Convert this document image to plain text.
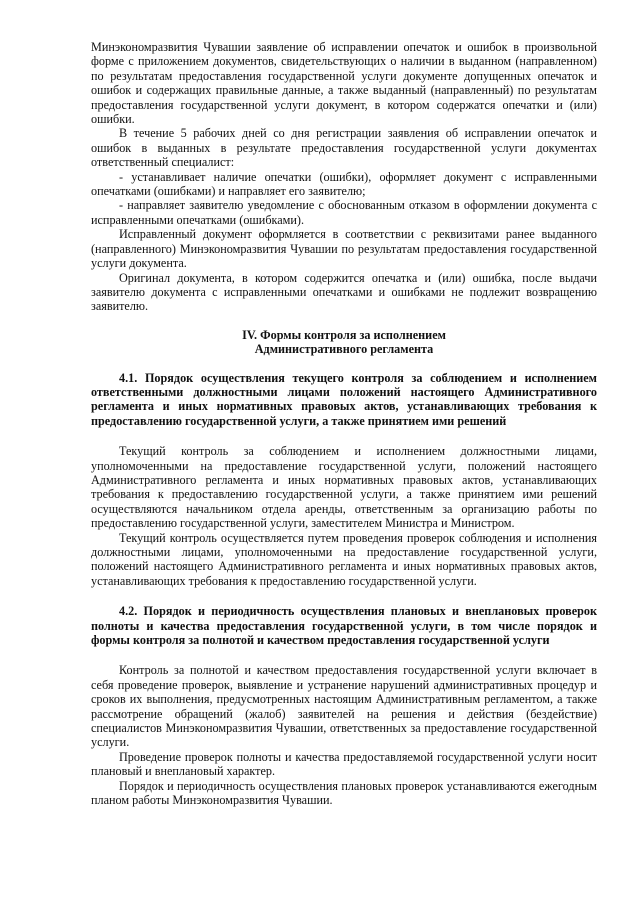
Минэкономразвития Чувашии заявление об исправлении опечаток и ошибок в произвольной форме с приложением документов, свидетельствующих о наличии в выданном (направленном) по результатам предоставления государственной услуги документе допущенных опечаток и ошибок и содержащих правильные данные, а также выданный (направленный) по результатам предоставления государственной услуги документ, в котором содержатся опечатки и (или) ошибки.

В течение 5 рабочих дней со дня регистрации заявления об исправлении опечаток и ошибок в выданных в результате предоставления государственной услуги документах ответственный специалист:

- устанавливает наличие опечатки (ошибки), оформляет документ с исправленными опечатками (ошибками) и направляет его заявителю;

- направляет заявителю уведомление с обоснованным отказом в оформлении документа с исправленными опечатками (ошибками).

Исправленный документ оформляется в соответствии с реквизитами ранее выданного (направленного) Минэкономразвития Чувашии по результатам предоставления государственной услуги документа.

Оригинал документа, в котором содержится опечатка и (или) ошибка, после выдачи заявителю документа с исправленными опечатками и ошибками не подлежит возвращению заявителю.

IV. Формы контроля за исполнением
Административного регламента

4.1. Порядок осуществления текущего контроля за соблюдением и исполнением ответственными должностными лицами положений настоящего Административного регламента и иных нормативных правовых актов, устанавливающих требования к предоставлению государственной услуги, а также принятием ими решений

Текущий контроль за соблюдением и исполнением должностными лицами, уполномоченными на предоставление государственной услуги, положений настоящего Административного регламента и иных нормативных правовых актов, устанавливающих требования к предоставлению государственной услуги, а также принятием ими решений осуществляются начальником отдела аренды, ответственным за организацию работы по предоставлению государственной услуги, заместителем Министра и Министром.

Текущий контроль осуществляется путем проведения проверок соблюдения и исполнения должностными лицами, уполномоченными на предоставление государственной услуги, положений настоящего Административного регламента и иных нормативных правовых актов, устанавливающих требования к предоставлению государственной услуги.

4.2. Порядок и периодичность осуществления плановых и внеплановых проверок полноты и качества предоставления государственной услуги, в том числе порядок и формы контроля за полнотой и качеством предоставления государственной услуги

Контроль за полнотой и качеством предоставления государственной услуги включает в себя проведение проверок, выявление и устранение нарушений административных процедур и сроков их выполнения, предусмотренных настоящим Административным регламентом, а также рассмотрение обращений (жалоб) заявителей на решения и действия (бездействие) специалистов Минэкономразвития Чувашии, ответственных за предоставление государственной услуги.

Проведение проверок полноты и качества предоставляемой государственной услуги носит плановый и внеплановый характер.

Порядок и периодичность осуществления плановых проверок устанавливаются ежегодным планом работы Минэкономразвития Чувашии.
